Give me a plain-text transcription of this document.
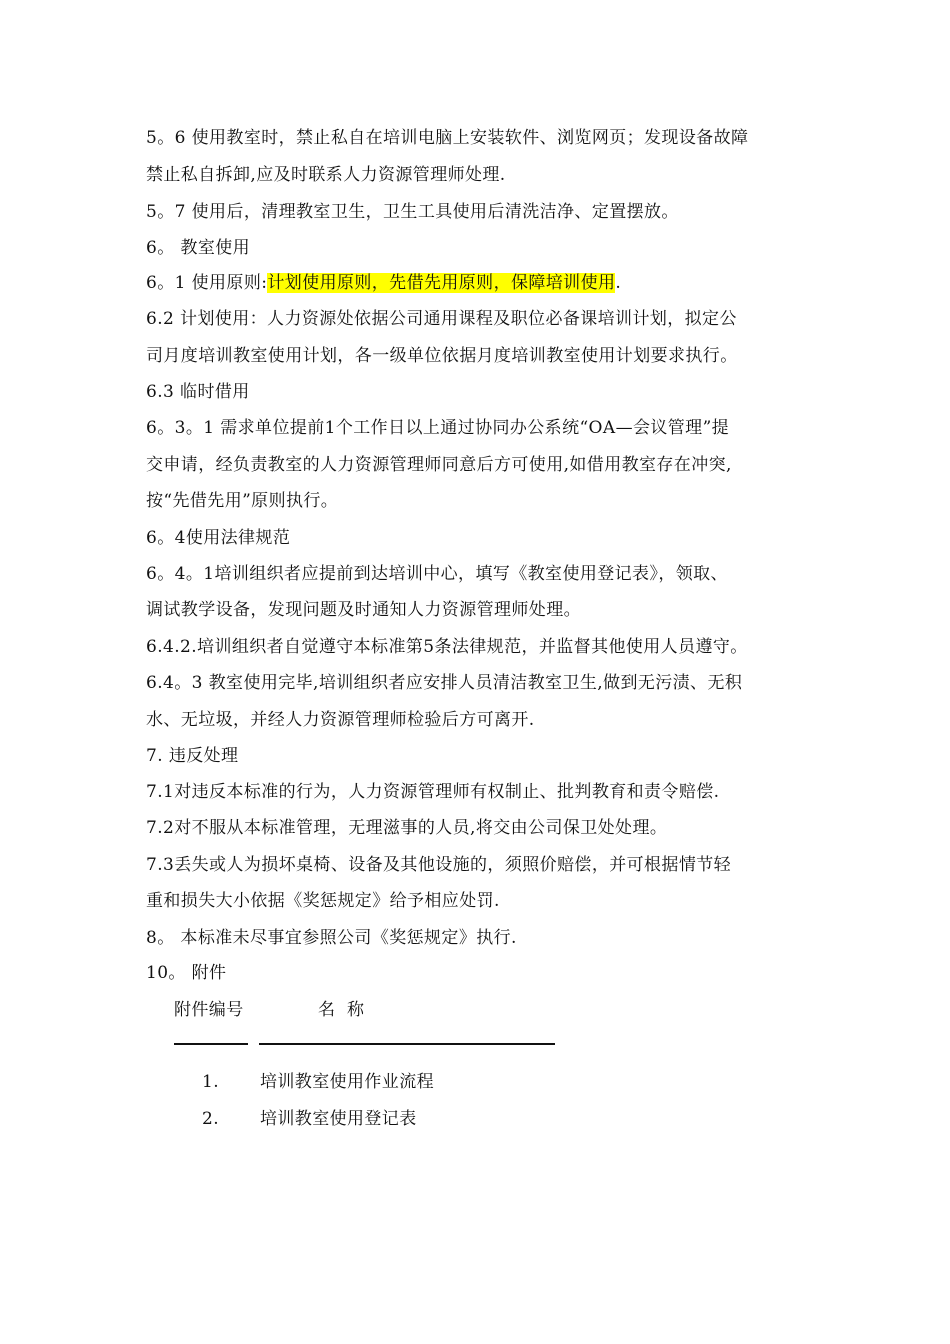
5。6 使用教室时，禁止私自在培训电脑上安装软件、浏览网页；发现设备故障
禁止私自拆卸,应及时联系人力资源管理师处理.
5。7 使用后，清理教室卫生，卫生工具使用后清洗洁净、定置摆放。
6。 教室使用
6。1 使用原则:计划使用原则，先借先用原则，保障培训使用.
6.2 计划使用：人力资源处依据公司通用课程及职位必备课培训计划，拟定公
司月度培训教室使用计划，各一级单位依据月度培训教室使用计划要求执行。
6.3 临时借用
6。3。1 需求单位提前1个工作日以上通过协同办公系统“OA—会议管理”提
交申请，经负责教室的人力资源管理师同意后方可使用,如借用教室存在冲突,
按“先借先用”原则执行。
6。4使用法律规范
6。4。1培训组织者应提前到达培训中心，填写《教室使用登记表》，领取、
调试教学设备，发现问题及时通知人力资源管理师处理。
6.4.2.培训组织者自觉遵守本标准第5条法律规范，并监督其他使用人员遵守。
6.4。3 教室使用完毕,培训组织者应安排人员清洁教室卫生,做到无污渍、无积
水、无垃圾，并经人力资源管理师检验后方可离开.
7. 违反处理
7.1对违反本标准的行为，人力资源管理师有权制止、批判教育和责令赔偿.
7.2对不服从本标准管理，无理滋事的人员,将交由公司保卫处处理。
7.3丢失或人为损坏桌椅、设备及其他设施的，须照价赔偿，并可根据情节轻
重和损失大小依据《奖惩规定》给予相应处罚.
8。 本标准未尽事宜参照公司《奖惩规定》执行.
10。 附件
附件编号	名  称
1. 培训教室使用作业流程
2. 培训教室使用登记表
